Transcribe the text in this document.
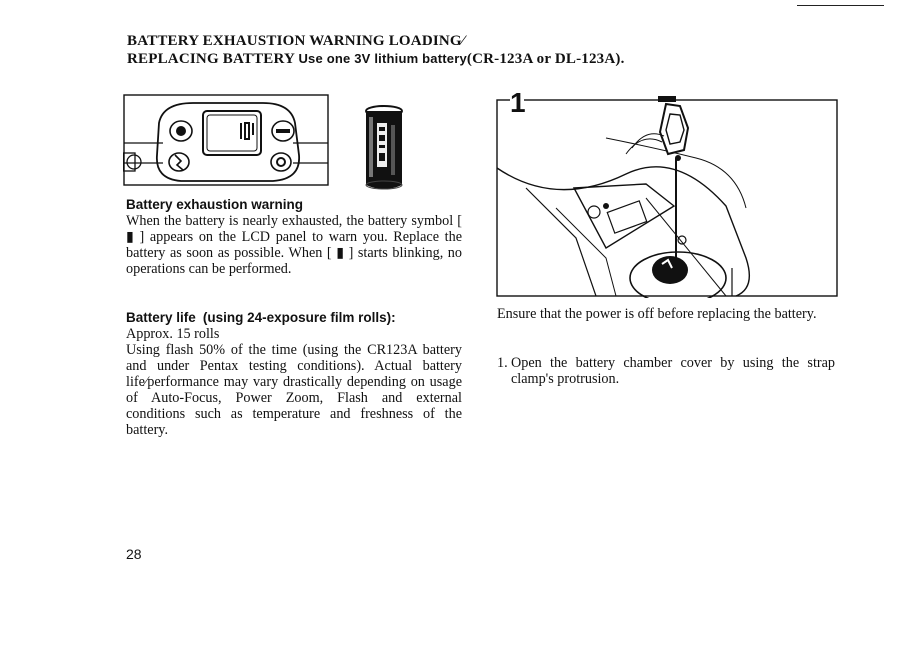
BATTERY EXHAUSTION WARNING LOADING⁄
REPLACING BATTERY Use one 3V lithium battery(CR-123A or DL-123A).
1

Battery exhaustion warning

When the battery is nearly exhausted, the battery symbol [ ▮ ] appears on the LCD panel to warn you. Replace the battery as soon as possible. When [ ▮ ] starts blinking, no operations can be performed.

Battery life (using 24-exposure film rolls):

Approx. 15 rolls

Using flash 50% of the time (using the CR123A battery and under Pentax testing conditions). Actual battery life⁄performance may vary drastically depending on usage of Auto-Focus, Power Zoom, Flash and external conditions such as temperature and freshness of the battery.

Ensure that the power is off before replacing the battery.

1. Open the battery chamber cover by using the strap clamp's protrusion.
28
